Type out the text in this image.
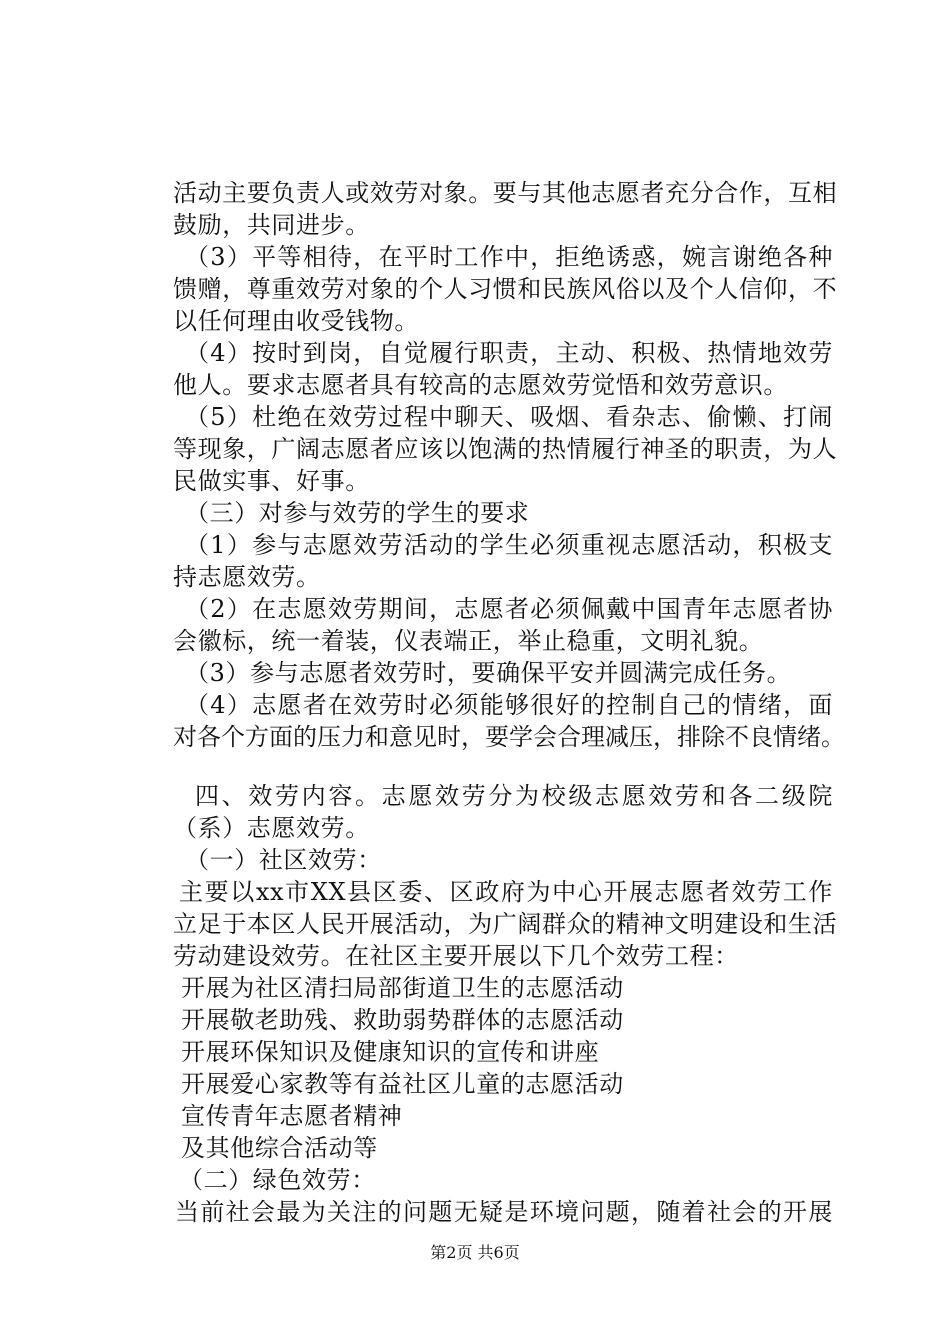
活动主要负责人或效劳对象。要与其他志愿者充分合作，互相
鼓励，共同进步。
（3）平等相待，在平时工作中，拒绝诱惑，婉言谢绝各种
馈赠，尊重效劳对象的个人习惯和民族风俗以及个人信仰，不
以任何理由收受钱物。
（4）按时到岗，自觉履行职责，主动、积极、热情地效劳
他人。要求志愿者具有较高的志愿效劳觉悟和效劳意识。
（5）杜绝在效劳过程中聊天、吸烟、看杂志、偷懒、打闹
等现象，广阔志愿者应该以饱满的热情履行神圣的职责，为人
民做实事、好事。
（三）对参与效劳的学生的要求
（1）参与志愿效劳活动的学生必须重视志愿活动，积极支
持志愿效劳。
（2）在志愿效劳期间，志愿者必须佩戴中国青年志愿者协
会徽标，统一着装，仪表端正，举止稳重，文明礼貌。
（3）参与志愿者效劳时，要确保平安并圆满完成任务。
（4）志愿者在效劳时必须能够很好的控制自己的情绪，面
对各个方面的压力和意见时，要学会合理减压，排除不良情绪。
四、效劳内容。志愿效劳分为校级志愿效劳和各二级院
（系）志愿效劳。
（一）社区效劳：
主要以xx市XX县区委、区政府为中心开展志愿者效劳工作
立足于本区人民开展活动，为广阔群众的精神文明建设和生活
劳动建设效劳。在社区主要开展以下几个效劳工程：
开展为社区清扫局部街道卫生的志愿活动
开展敬老助残、救助弱势群体的志愿活动
开展环保知识及健康知识的宣传和讲座
开展爱心家教等有益社区儿童的志愿活动
宣传青年志愿者精神
及其他综合活动等
（二）绿色效劳：
当前社会最为关注的问题无疑是环境问题，随着社会的开展
第2页 共6页
